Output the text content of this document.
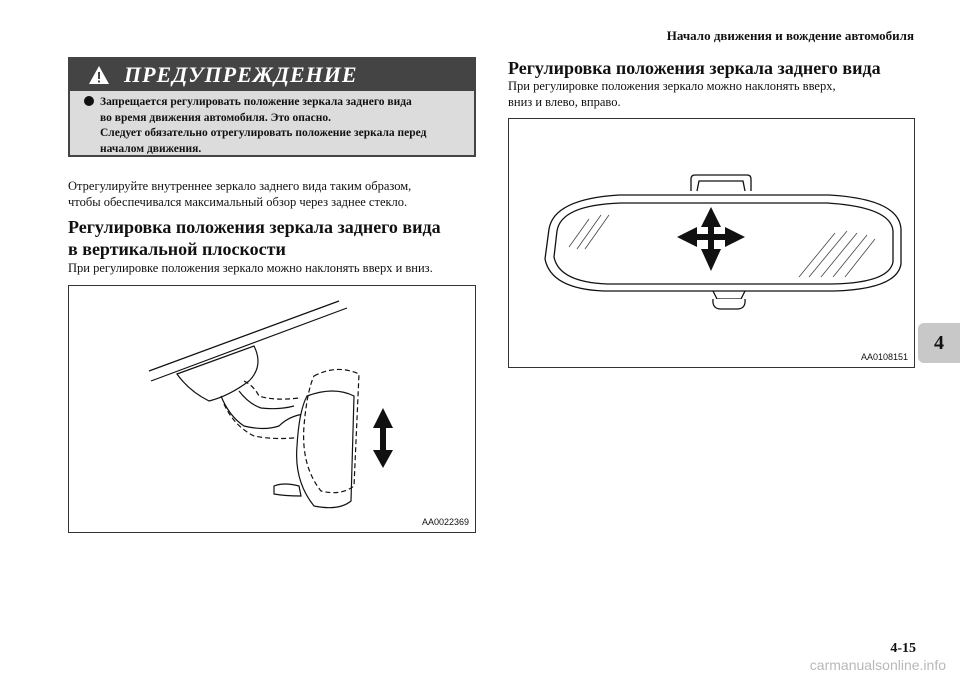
Начало движения и вождение автомобиля
4
ПРЕДУПРЕЖДЕНИЕ
Запрещается регулировать положение зеркала заднего вида
во время движения автомобиля. Это опасно.
Следует обязательно отрегулировать положение зеркала перед
началом движения.
Отрегулируйте внутреннее зеркало заднего вида таким образом,
чтобы обеспечивался максимальный обзор через заднее стекло.
Регулировка положения зеркала заднего вида
в вертикальной плоскости
При регулировке положения зеркало можно наклонять вверх и вниз.
AA0022369
Регулировка положения зеркала заднего вида
При регулировке положения зеркало можно наклонять вверх,
вниз и влево, вправо.
AA0108151
4-15
carmanualsonline.info
